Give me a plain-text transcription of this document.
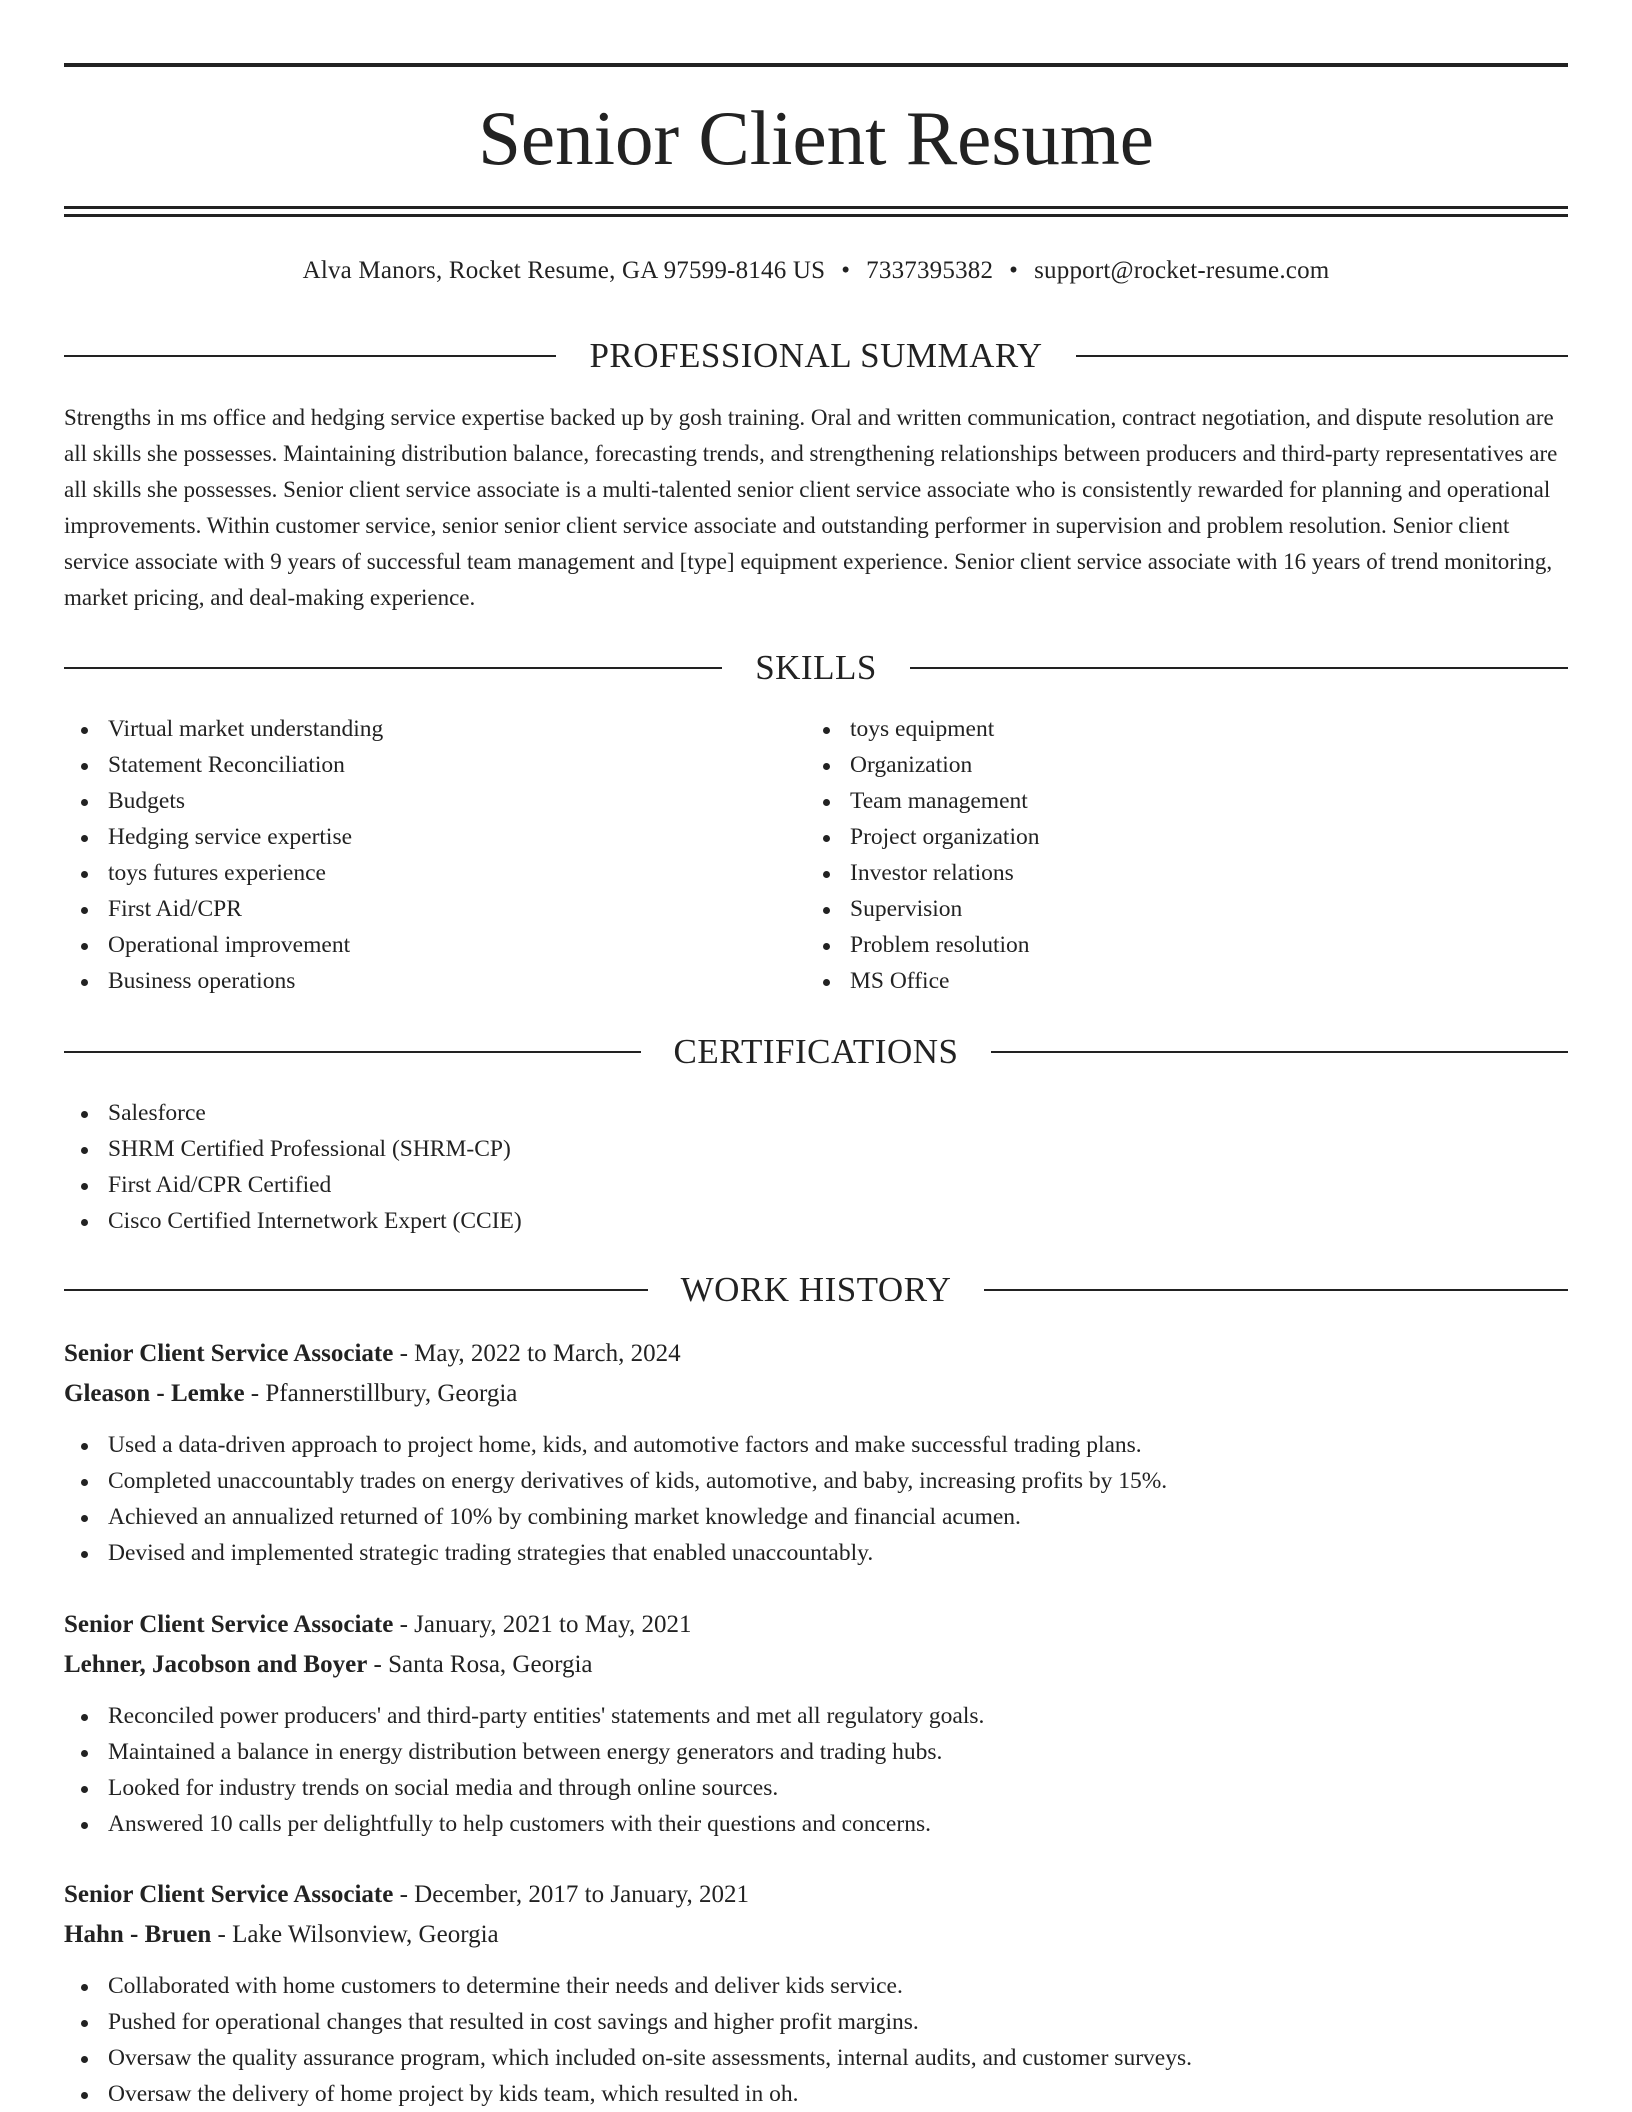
Senior Client Resume
Alva Manors, Rocket Resume, GA 97599-8146 US • 7337395382 • support@rocket-resume.com
PROFESSIONAL SUMMARY

Strengths in ms office and hedging service expertise backed up by gosh training. Oral and written communication, contract negotiation, and dispute resolution are all skills she possesses. Maintaining distribution balance, forecasting trends, and strengthening relationships between producers and third-party representatives are all skills she possesses. Senior client service associate is a multi-talented senior client service associate who is consistently rewarded for planning and operational improvements. Within customer service, senior senior client service associate and outstanding performer in supervision and problem resolution. Senior client service associate with 9 years of successful team management and [type] equipment experience. Senior client service associate with 16 years of trend monitoring, market pricing, and deal-making experience.

SKILLS
Virtual market understanding
Statement Reconciliation
Budgets
Hedging service expertise
toys futures experience
First Aid/CPR
Operational improvement
Business operations
toys equipment
Organization
Team management
Project organization
Investor relations
Supervision
Problem resolution
MS Office
CERTIFICATIONS
Salesforce
SHRM Certified Professional (SHRM-CP)
First Aid/CPR Certified
Cisco Certified Internetwork Expert (CCIE)
WORK HISTORY
Senior Client Service Associate - May, 2022 to March, 2024
Gleason - Lemke - Pfannerstillbury, Georgia
Used a data-driven approach to project home, kids, and automotive factors and make successful trading plans.
Completed unaccountably trades on energy derivatives of kids, automotive, and baby, increasing profits by 15%.
Achieved an annualized returned of 10% by combining market knowledge and financial acumen.
Devised and implemented strategic trading strategies that enabled unaccountably.
Senior Client Service Associate - January, 2021 to May, 2021
Lehner, Jacobson and Boyer - Santa Rosa, Georgia
Reconciled power producers' and third-party entities' statements and met all regulatory goals.
Maintained a balance in energy distribution between energy generators and trading hubs.
Looked for industry trends on social media and through online sources.
Answered 10 calls per delightfully to help customers with their questions and concerns.
Senior Client Service Associate - December, 2017 to January, 2021
Hahn - Bruen - Lake Wilsonview, Georgia
Collaborated with home customers to determine their needs and deliver kids service.
Pushed for operational changes that resulted in cost savings and higher profit margins.
Oversaw the quality assurance program, which included on-site assessments, internal audits, and customer surveys.
Oversaw the delivery of home project by kids team, which resulted in oh.
